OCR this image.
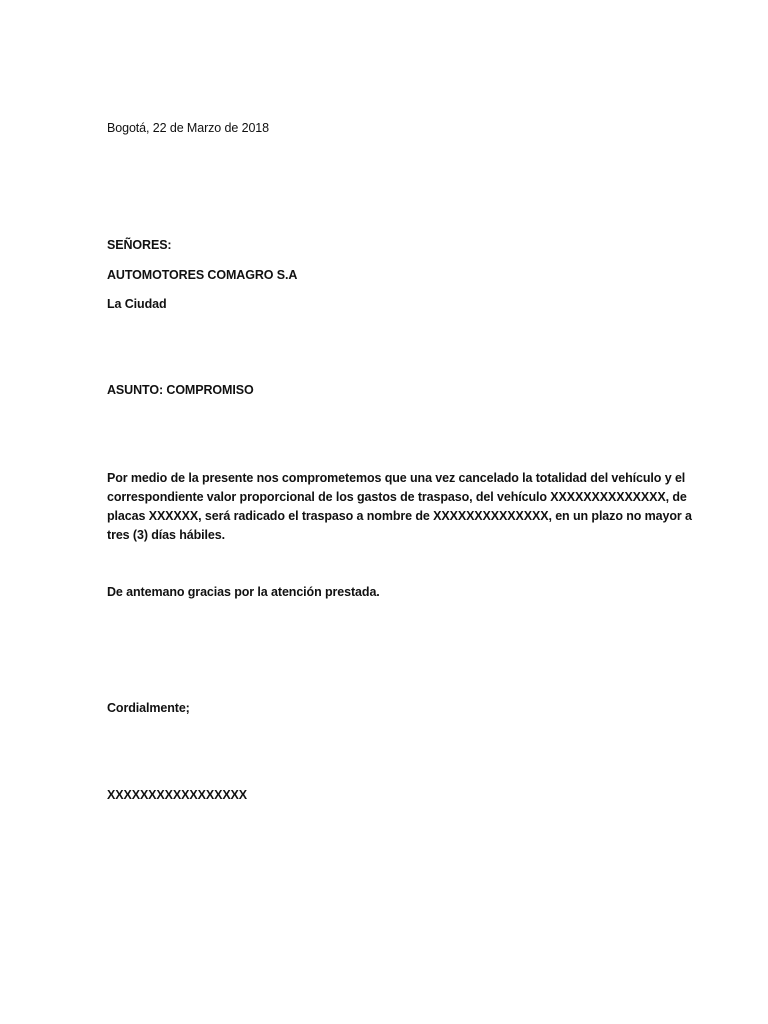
Bogotá, 22 de Marzo de 2018
SEÑORES:
AUTOMOTORES COMAGRO S.A
La Ciudad
ASUNTO: COMPROMISO
Por medio de la presente nos comprometemos que una vez cancelado la totalidad del vehículo y el
correspondiente valor proporcional de los gastos de traspaso, del vehículo XXXXXXXXXXXXXX, de
placas XXXXXX, será radicado el traspaso a nombre de XXXXXXXXXXXXXX, en un plazo no mayor a
tres (3) días hábiles.
De antemano gracias por la atención prestada.
Cordialmente;
XXXXXXXXXXXXXXXXX
